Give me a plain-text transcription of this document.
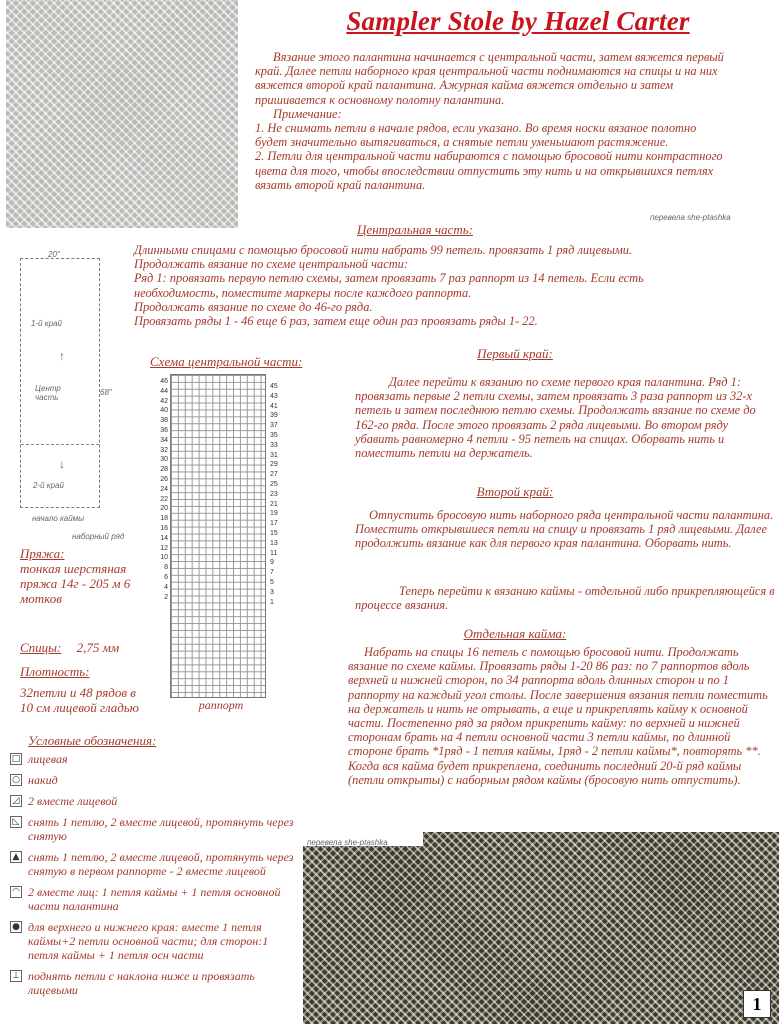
Sampler Stole by Hazel Carter

Вязание этого палантина начинается с центральной части, затем вяжется первый край. Далее петли наборного края центральной части поднимаются на спицы и на них вяжется второй край палантина. Ажурная кайма вяжется отдельно и затем пришивается к основному полотну палантина.

Примечание:

1. Не снимать петли в начале рядов, если указано. Во время носки вязаное полотно будет значительно вытягиваться, а снятые петли уменьшают растяжение.

2. Петли для центральной части набираются с помощью бросовой нити контрастного цвета для того, чтобы впоследствии отпустить эту нить и на открывшихся петлях вязать второй край палантина.

перевела she-ptashka
Центральная часть:

Длинными спицами с помощью бросовой нити набрать 99 петель. провязать 1 ряд лицевыми.

Продолжать вязание по схеме центральной части:

Ряд 1: провязать первую петлю схемы, затем провязать 7 раз раппорт из 14 петель. Если есть необходимость, поместите маркеры после каждого раппорта.

Продолжать вязание по схеме до 46-го ряда.

Провязать ряды 1 - 46 еще 6 раз, затем еще один раз провязать ряды 1- 22.

20"
1-й край
↑
Центр часть
↓
2-й край
68"
начало каймы
наборный ряд
Схема центральной части:
46
44
42
40
38
36
34
32
30
28
26
24
22
20
18
16
14
12
10
8
6
4
2
45
43
41
39
37
35
33
31
29
27
25
23
21
19
17
15
13
11
9
7
5
3
1
раппорт
Пряжа:
тонкая шерстяная пряжа 14г - 205 м 6 мотков
Спицы: 2,75 мм
Плотность:
32петли и 48 рядов в 10 см лицевой гладью
Условные обозначения:
□ лицевая
○ накид
◿ 2 вместе лицевой
◺ снять 1 петлю, 2 вместе лицевой, протянуть через снятую
▲ снять 1 петлю, 2 вместе лицевой, протянуть через снятую в первом раппорте - 2 вместе лицевой
◠ 2 вместе лиц: 1 петля каймы + 1 петля основной части палантина
● для верхнего и нижнего края: вместе 1 петля каймы+2 петли основной части; для сторон:1 петля каймы + 1 петля осн части
⊥ поднять петли с наклона ниже и провязать лицевыми
Первый край:
Далее перейти к вязанию по схеме первого края палантина. Ряд 1: провязать первые 2 петли схемы, затем провязать 3 раза раппорт из 32-х петель и затем последнюю петлю схемы. Продолжать вязание по схеме до 162-го ряда. После этого провязать 2 ряда лицевыми. Во втором ряду убавить равномерно 4 петли - 95 петель на спицах. Оборвать нить и поместить петли на держатель.
Второй край:
Отпустить бросовую нить наборного ряда центральной части палантина. Поместить открывшиеся петли на спицу и провязать 1 ряд лицевыми. Далее продолжить вязание как для первого края палантина. Оборвать нить.
Теперь перейти к вязанию каймы - отдельной либо прикрепляющейся в процессе вязания.
Отдельная кайма:
Набрать на спицы 16 петель с помощью бросовой нити. Продолжать вязание по схеме каймы. Провязать ряды 1-20 86 раз: по 7 раппортов вдоль верхней и нижней сторон, по 34 раппорта вдоль длинных сторон и по 1 раппорту на каждый угол столы. После завершения вязания петли поместить на держатель и нить не отрывать, а еще и прикреплять кайму к основной части. Постепенно ряд за рядом прикрепить кайму: по верхней и нижней сторонам брать на 4 петли основной части 3 петли каймы, по длинной стороне брать *1ряд - 1 петля каймы, 1ряд - 2 петли каймы*, повторять **. Когда вся кайма будет прикреплена, соединить последний 20-й ряд каймы (петли открыты) с наборным рядом каймы (бросовую нить отпустить).
перевела she-ptashka
1
